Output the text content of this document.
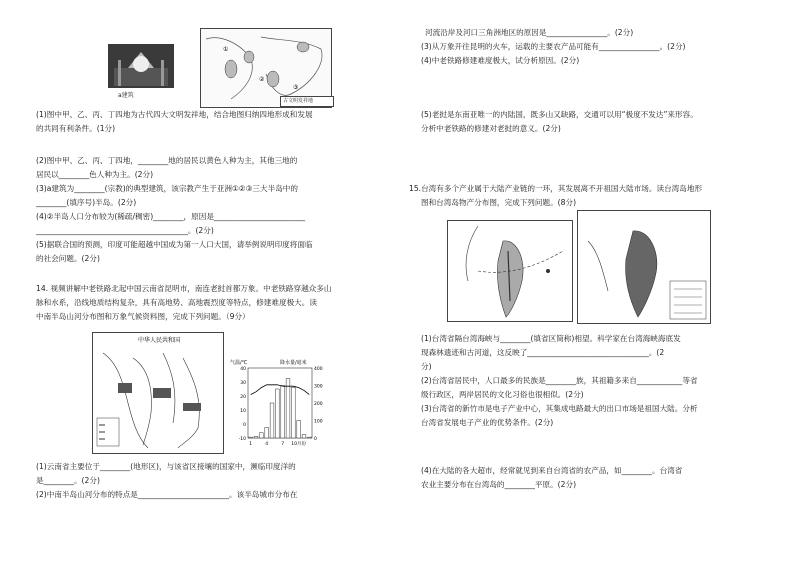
a建筑
①
②
③
古文明发祥地
(1)图中甲、乙、丙、丁四地为古代四大文明发祥地，结合地图归纳四地形成和发展
的共同有利条件。(1分)
(2)图中甲、乙、丙、丁四地，________地的居民以黄色人种为主，其他三地的
居民以________色人种为主。(2分)
(3)a建筑为________(宗教)的典型建筑，该宗教产生于亚洲①②③三大半岛中的
________(填序号)半岛。(2分)
(4)②半岛人口分布较为(稀疏/稠密)________，原因是________________________
________________________________________。(2分)
(5)据联合国的预测，印度可能超越中国成为第一人口大国，请举例说明印度将面临
的社会问题。(2分)
14. 视频讲解中老铁路北起中国云南省昆明市，南连老挝首都万象。中老铁路穿越众多山
脉和水系，沿线地质结构复杂，具有高地势、高地震烈度等特点，修建难度极大。读
中南半岛山河分布图和万象气候资料图，完成下列问题。（9分）
中华人民共和国
气温/℃	降水量/毫米
40
30
20
10
0
-10
400
300
200
100
0
1	4	7 10月份
(1)云南省主要位于________(地形区)，与该省区接壤的国家中，濒临印度洋的
是________。(2分)
(2)中南半岛山河分布的特点是________________________。该半岛城市分布在
河流沿岸及河口三角洲地区的原因是________________。(2分)
(3)从万象开往昆明的火车，运载的主要农产品可能有________________。(2分)
(4)中老铁路修建难度极大，试分析原因。(2分)
(5)老挝是东南亚唯一的内陆国，既多山又缺路，交通可以用“极度不发达”来形容。
分析中老铁路的修建对老挝的意义。(2分)
15.台湾有多个产业属于大陆产业链的一环，其发展离不开祖国大陆市场。读台湾岛地形
图和台湾岛物产分布图，完成下列问题。(8分)
(1)台湾省隔台湾海峡与________(填省区简称)相望。科学家在台湾海峡海底发
现森林遗迹和古河道，这反映了________________________________。(2
分)
(2)台湾省居民中，人口最多的民族是________族，其祖籍多来自____________等省
级行政区，两岸居民的文化习俗也很相似。(2分)
(3)台湾省的新竹市是电子产业中心，其集成电路最大的出口市场是祖国大陆。分析
台湾省发展电子产业的优势条件。(2分)
(4)在大陆的各大超市，经常就见到来自台湾省的农产品，如________。台湾省
农业主要分布在台湾岛的________平原。(2分)
